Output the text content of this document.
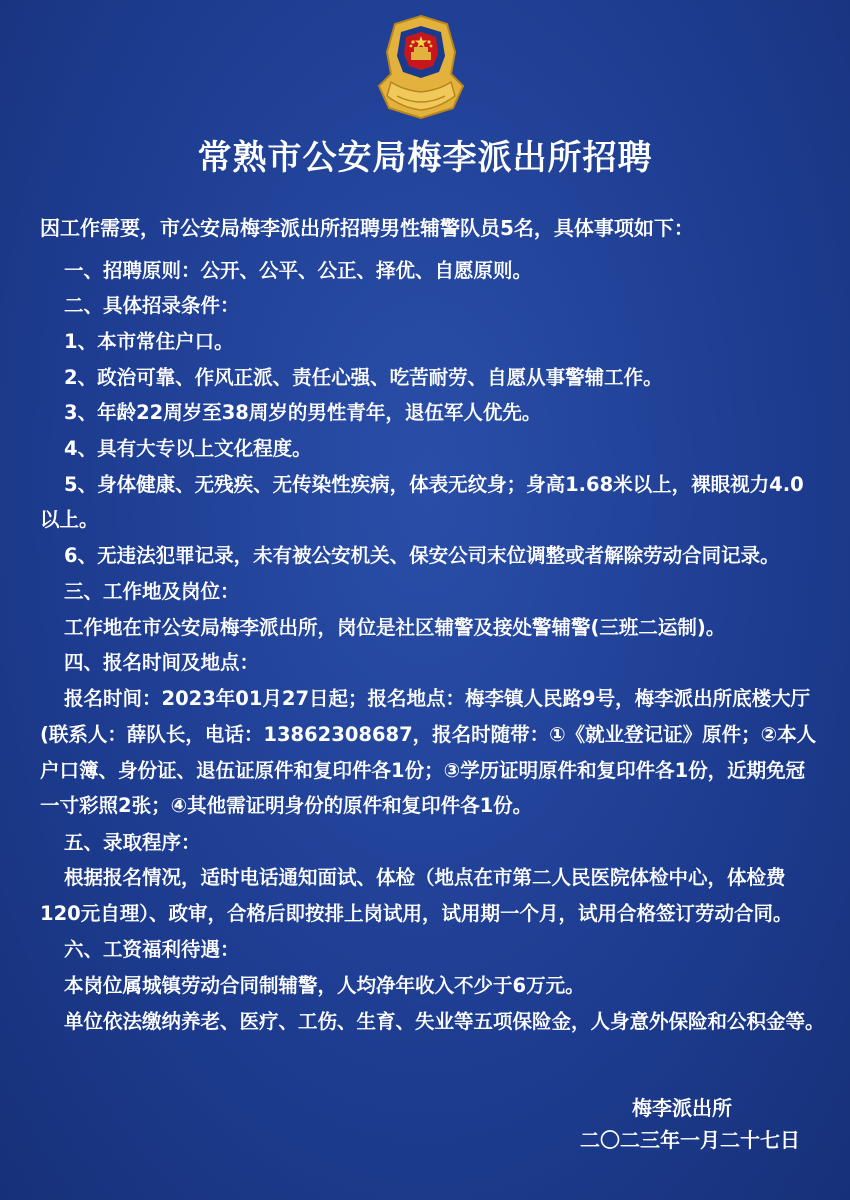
常熟市公安局梅李派出所招聘
因工作需要，市公安局梅李派出所招聘男性辅警队员5名，具体事项如下：
一、招聘原则：公开、公平、公正、择优、自愿原则。
二、具体招录条件：
1、本市常住户口。
2、政治可靠、作风正派、责任心强、吃苦耐劳、自愿从事警辅工作。
3、年龄22周岁至38周岁的男性青年，退伍军人优先。
4、具有大专以上文化程度。
5、身体健康、无残疾、无传染性疾病，体表无纹身；身高1.68米以上，裸眼视力4.0
以上。
6、无违法犯罪记录，未有被公安机关、保安公司末位调整或者解除劳动合同记录。
三、工作地及岗位：
工作地在市公安局梅李派出所，岗位是社区辅警及接处警辅警(三班二运制)。
四、报名时间及地点：
报名时间：2023年01月27日起；报名地点：梅李镇人民路9号，梅李派出所底楼大厅
(联系人：薛队长，电话：13862308687，报名时随带：①《就业登记证》原件；②本人
户口簿、身份证、退伍证原件和复印件各1份；③学历证明原件和复印件各1份，近期免冠
一寸彩照2张；④其他需证明身份的原件和复印件各1份。
五、录取程序：
根据报名情况，适时电话通知面试、体检（地点在市第二人民医院体检中心，体检费
120元自理）、政审，合格后即按排上岗试用，试用期一个月，试用合格签订劳动合同。
六、工资福利待遇：
本岗位属城镇劳动合同制辅警，人均净年收入不少于6万元。
单位依法缴纳养老、医疗、工伤、生育、失业等五项保险金，人身意外保险和公积金等。
梅李派出所
二〇二三年一月二十七日
